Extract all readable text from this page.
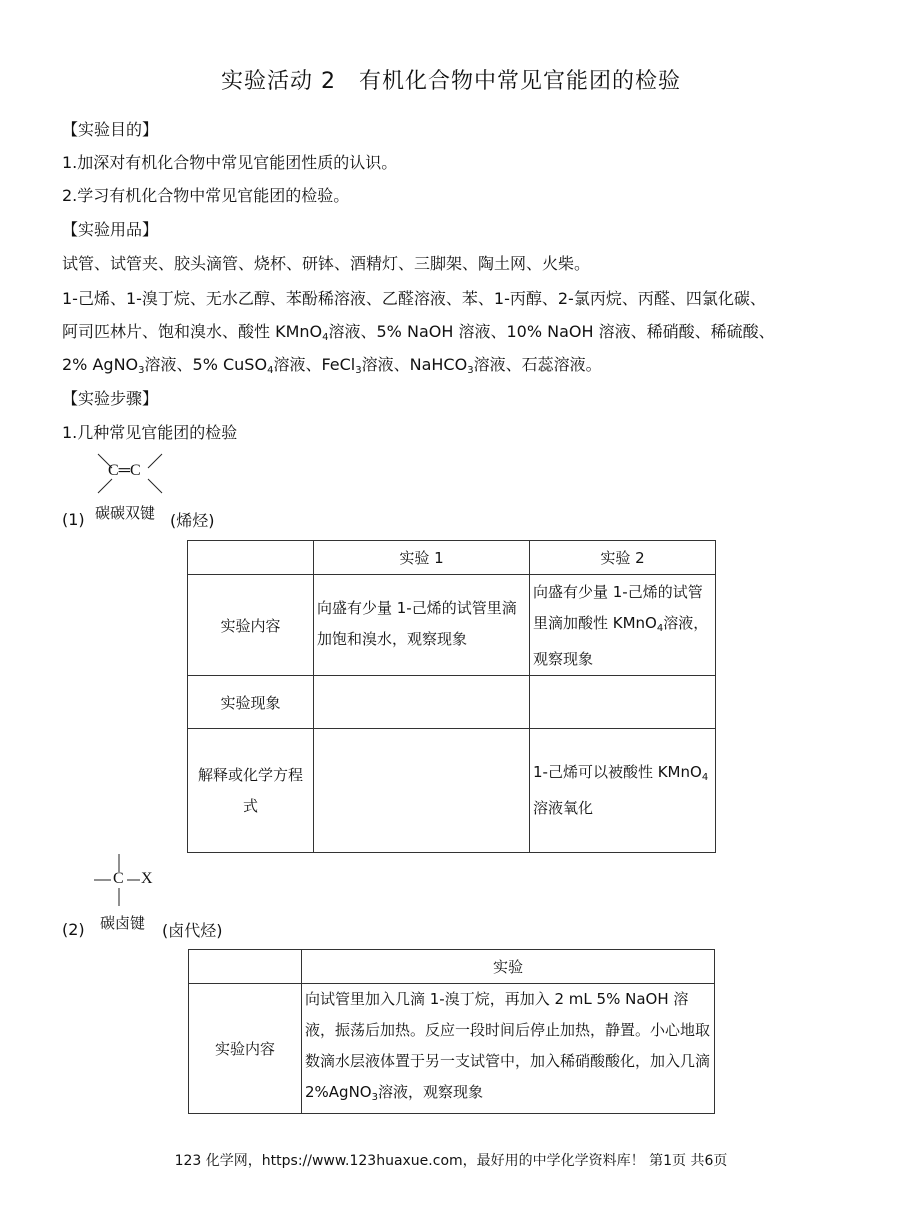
实验活动 2　有机化合物中常见官能团的检验
【实验目的】
1.加深对有机化合物中常见官能团性质的认识。
2.学习有机化合物中常见官能团的检验。
【实验用品】
试管、试管夹、胶头滴管、烧杯、研钵、酒精灯、三脚架、陶土网、火柴。
1-己烯、1-溴丁烷、无水乙醇、苯酚稀溶液、乙醛溶液、苯、1-丙醇、2-氯丙烷、丙醛、四氯化碳、
阿司匹林片、饱和溴水、酸性 KMnO$_4$溶液、5% NaOH 溶液、10% NaOH 溶液、稀硝酸、稀硫酸、
2% AgNO$_3$溶液、5% CuSO$_4$溶液、FeCl$_3$溶液、NaHCO$_3$溶液、石蕊溶液。
【实验步骤】
1.几种常见官能团的检验
C═C
(1) 碳碳双键 (烯烃)
	实验 1	实验 2
实验内容	向盛有少量 1-己烯的试管里滴加饱和溴水，观察现象	向盛有少量 1-己烯的试管里滴加酸性 KMnO$_4$溶液，观察现象
实验现象		
解释或化学方程式		1-己烯可以被酸性 KMnO$_4$溶液氧化
C X
(2) 碳卤键 (卤代烃)
	实验
实验内容	向试管里加入几滴 1-溴丁烷，再加入 2 mL 5% NaOH 溶液，振荡后加热。反应一段时间后停止加热，静置。小心地取数滴水层液体置于另一支试管中，加入稀硝酸酸化，加入几滴 2%AgNO$_3$溶液，观察现象
123 化学网，https://www.123huaxue.com，最好用的中学化学资料库！ 第1页 共6页
